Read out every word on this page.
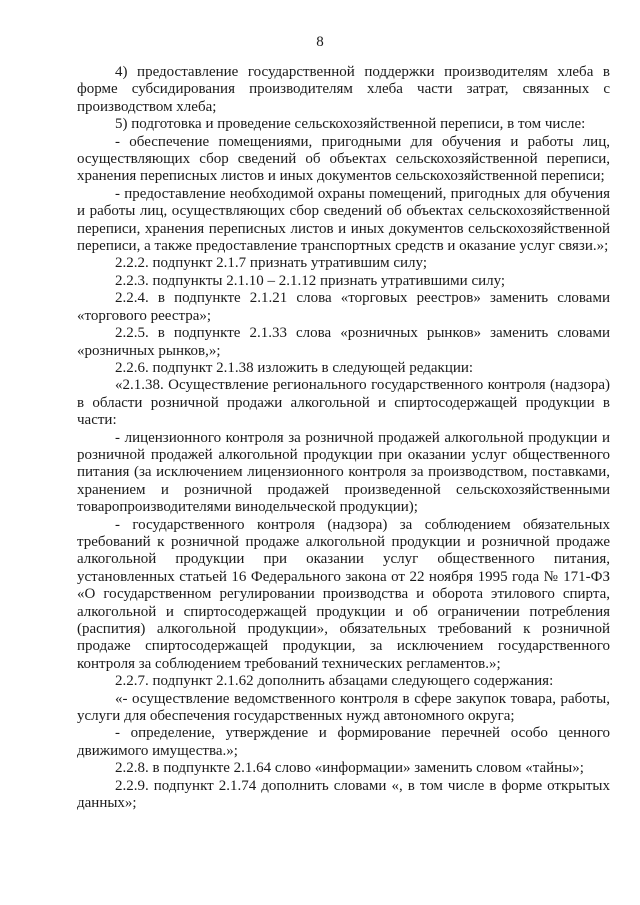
8

4) предоставление государственной поддержки производителям хлеба в форме субсидирования производителям хлеба части затрат, связанных с производством хлеба;

5) подготовка и проведение сельскохозяйственной переписи, в том числе:

- обеспечение помещениями, пригодными для обучения и работы лиц, осуществляющих сбор сведений об объектах сельскохозяйственной переписи, хранения переписных листов и иных документов сельскохозяйственной переписи;

- предоставление необходимой охраны помещений, пригодных для обучения и работы лиц, осуществляющих сбор сведений об объектах сельскохозяйственной переписи, хранения переписных листов и иных документов сельскохозяйственной переписи, а также предоставление транспортных средств и оказание услуг связи.»;

2.2.2. подпункт 2.1.7 признать утратившим силу;

2.2.3. подпункты 2.1.10 – 2.1.12 признать утратившими силу;

2.2.4. в подпункте 2.1.21 слова «торговых реестров» заменить словами «торгового реестра»;

2.2.5. в подпункте 2.1.33 слова «розничных рынков» заменить словами «розничных рынков,»;

2.2.6. подпункт 2.1.38 изложить в следующей редакции:

«2.1.38. Осуществление регионального государственного контроля (надзора) в области розничной продажи алкогольной и спиртосодержащей продукции в части:

- лицензионного контроля за розничной продажей алкогольной продукции и розничной продажей алкогольной продукции при оказании услуг общественного питания (за исключением лицензионного контроля за производством, поставками, хранением и розничной продажей произведенной сельскохозяйственными товаропроизводителями винодельческой продукции);

- государственного контроля (надзора) за соблюдением обязательных требований к розничной продаже алкогольной продукции и розничной продаже алкогольной продукции при оказании услуг общественного питания, установленных статьей 16 Федерального закона от 22 ноября 1995 года № 171-ФЗ «О государственном регулировании производства и оборота этилового спирта, алкогольной и спиртосодержащей продукции и об ограничении потребления (распития) алкогольной продукции», обязательных требований к розничной продаже спиртосодержащей продукции, за исключением государственного контроля за соблюдением требований технических регламентов.»;

2.2.7. подпункт 2.1.62 дополнить абзацами следующего содержания:

«- осуществление ведомственного контроля в сфере закупок товара, работы, услуги для обеспечения государственных нужд автономного округа;

- определение, утверждение и формирование перечней особо ценного движимого имущества.»;

2.2.8. в подпункте 2.1.64 слово «информации» заменить словом «тайны»;

2.2.9. подпункт 2.1.74 дополнить словами «, в том числе в форме открытых данных»;
